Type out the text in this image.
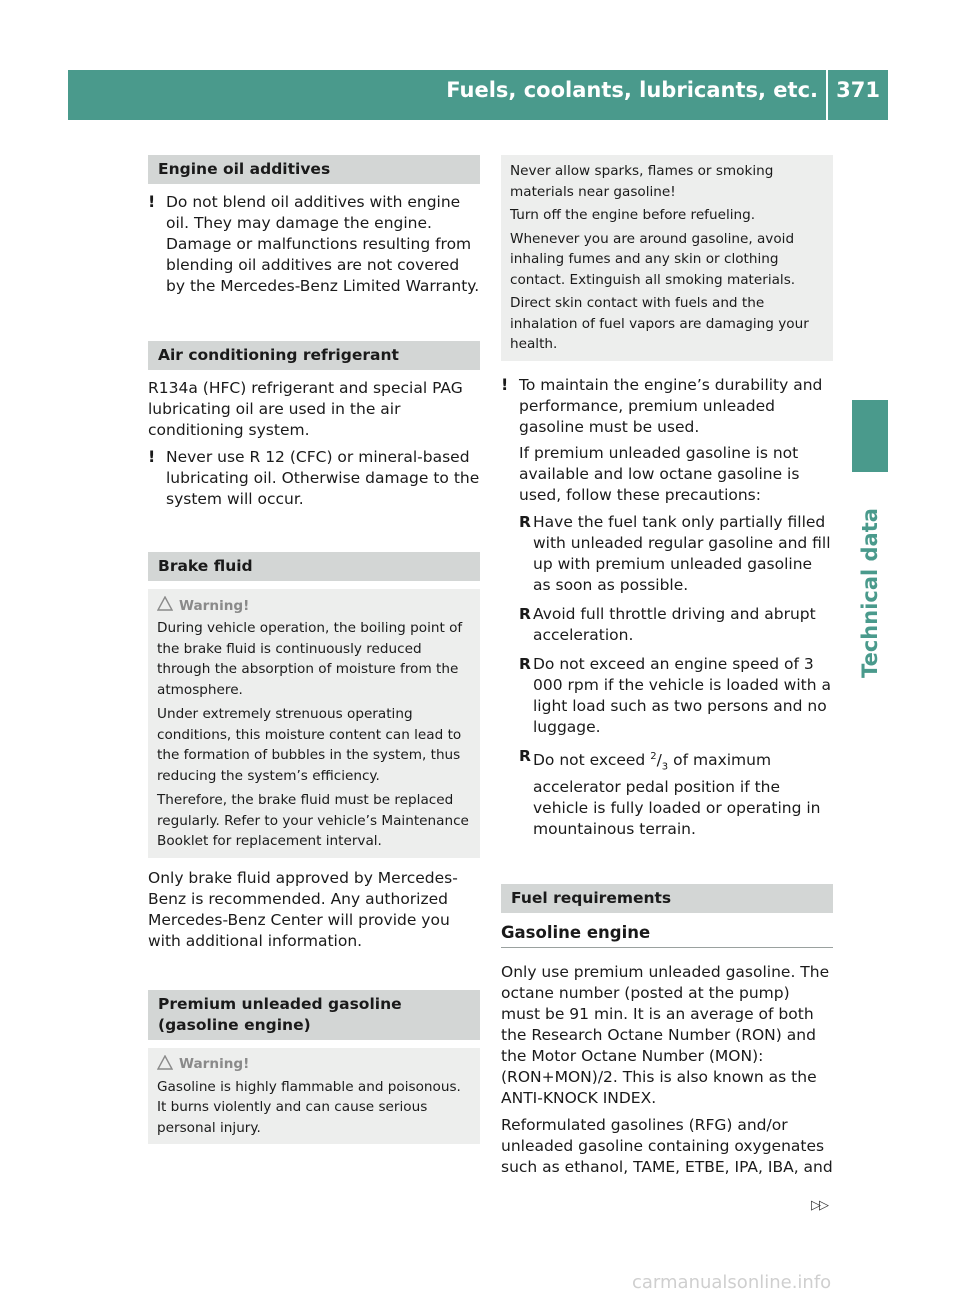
Fuels, coolants, lubricants, etc. 371
Technical data
Engine oil additives
! Do not blend oil additives with engine oil. They may damage the engine. Damage or malfunctions resulting from blending oil additives are not covered by the Mercedes-Benz Limited Warranty.

Air conditioning refrigerant

R134a (HFC) refrigerant and special PAG lubricating oil are used in the air conditioning system.

! Never use R 12 (CFC) or mineral-based lubricating oil. Otherwise damage to the system will occur.

Brake fluid
Warning!

During vehicle operation, the boiling point of the brake fluid is continuously reduced through the absorption of moisture from the atmosphere.

Under extremely strenuous operating conditions, this moisture content can lead to the formation of bubbles in the system, thus reducing the system’s efficiency.

Therefore, the brake fluid must be replaced regularly. Refer to your vehicle’s Maintenance Booklet for replacement interval.

Only brake fluid approved by Mercedes-Benz is recommended. Any authorized Mercedes-Benz Center will provide you with additional information.

Premium unleaded gasoline (gasoline engine)
Warning!

Gasoline is highly flammable and poisonous. It burns violently and can cause serious personal injury.

Never allow sparks, flames or smoking materials near gasoline!

Turn off the engine before refueling.

Whenever you are around gasoline, avoid inhaling fumes and any skin or clothing contact. Extinguish all smoking materials.

Direct skin contact with fuels and the inhalation of fuel vapors are damaging your health.

! To maintain the engine’s durability and performance, premium unleaded gasoline must be used.

If premium unleaded gasoline is not available and low octane gasoline is used, follow these precautions:

R Have the fuel tank only partially filled with unleaded regular gasoline and fill up with premium unleaded gasoline as soon as possible.
R Avoid full throttle driving and abrupt acceleration.
R Do not exceed an engine speed of 3 000 rpm if the vehicle is loaded with a light load such as two persons and no luggage.
R Do not exceed $^2/_3$ of maximum accelerator pedal position if the vehicle is fully loaded or operating in mountainous terrain.
Fuel requirements
Gasoline engine

Only use premium unleaded gasoline. The octane number (posted at the pump) must be 91 min. It is an average of both the Research Octane Number (RON) and the Motor Octane Number (MON): (RON+MON)/2. This is also known as the ANTI-KNOCK INDEX.

Reformulated gasolines (RFG) and/or unleaded gasoline containing oxygenates such as ethanol, TAME, ETBE, IPA, IBA, and

▷▷
carmanualsonline.info
